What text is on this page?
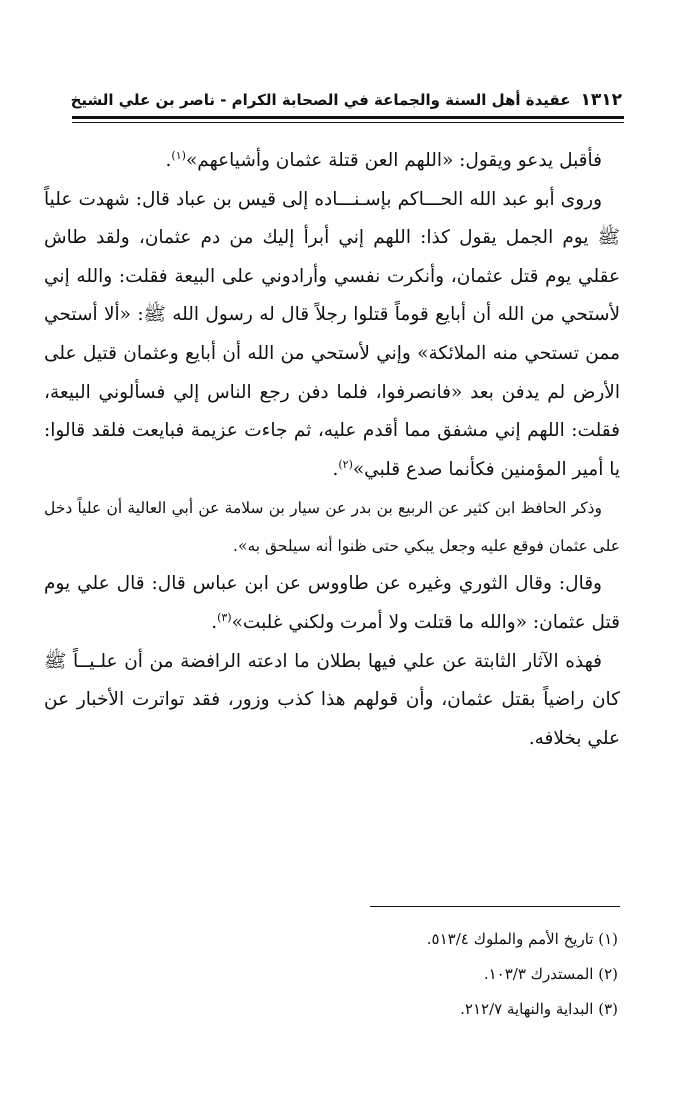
١٣١٢
عقيدة أهل السنة والجماعة في الصحابة الكرام - ناصر بن علي الشيخ

فأقبل يدعو ويقول: «اللهم العن قتلة عثمان وأشياعهم»$^{(١)}$.

وروى أبو عبد الله الحـــاكم بإسـنـــاده إلى قيس بن عباد قال: شهدت علياً ﷺ يوم الجمل يقول كذا: اللهم إني أبرأ إليك من دم عثمان، ولقد طاش عقلي يوم قتل عثمان، وأنكرت نفسي وأرادوني على البيعة فقلت: والله إني لأستحي من الله أن أبايع قوماً قتلوا رجلاً قال له رسول الله ﷺ: «ألا أستحي ممن تستحي منه الملائكة» وإني لأستحي من الله أن أبايع وعثمان قتيل على الأرض لم يدفن بعد «فانصرفوا، فلما دفن رجع الناس إلي فسألوني البيعة، فقلت: اللهم إني مشفق مما أقدم عليه، ثم جاءت عزيمة فبايعت فلقد قالوا: يا أمير المؤمنين فكأنما صدع قلبي»$^{(٢)}$.

وذكر الحافظ ابن كثير عن الربيع بن بدر عن سيار بن سلامة عن أبي العالية أن علياً دخل على عثمان فوقع عليه وجعل يبكي حتى ظنوا أنه سيلحق به».

وقال: وقال الثوري وغيره عن طاووس عن ابن عباس قال: قال علي يوم قتل عثمان: «والله ما قتلت ولا أمرت ولكني غلبت»$^{(٣)}$.

فهذه الآثار الثابتة عن علي فيها بطلان ما ادعته الرافضة من أن علـيــاً ﷺ كان راضياً بقتل عثمان، وأن قولهم هذا كذب وزور، فقد تواترت الأخبار عن علي بخلافه.

(١) تاريخ الأمم والملوك ٥١٣/٤.

(٢) المستدرك ١٠٣/٣.

(٣) البداية والنهاية ٢١٢/٧.
